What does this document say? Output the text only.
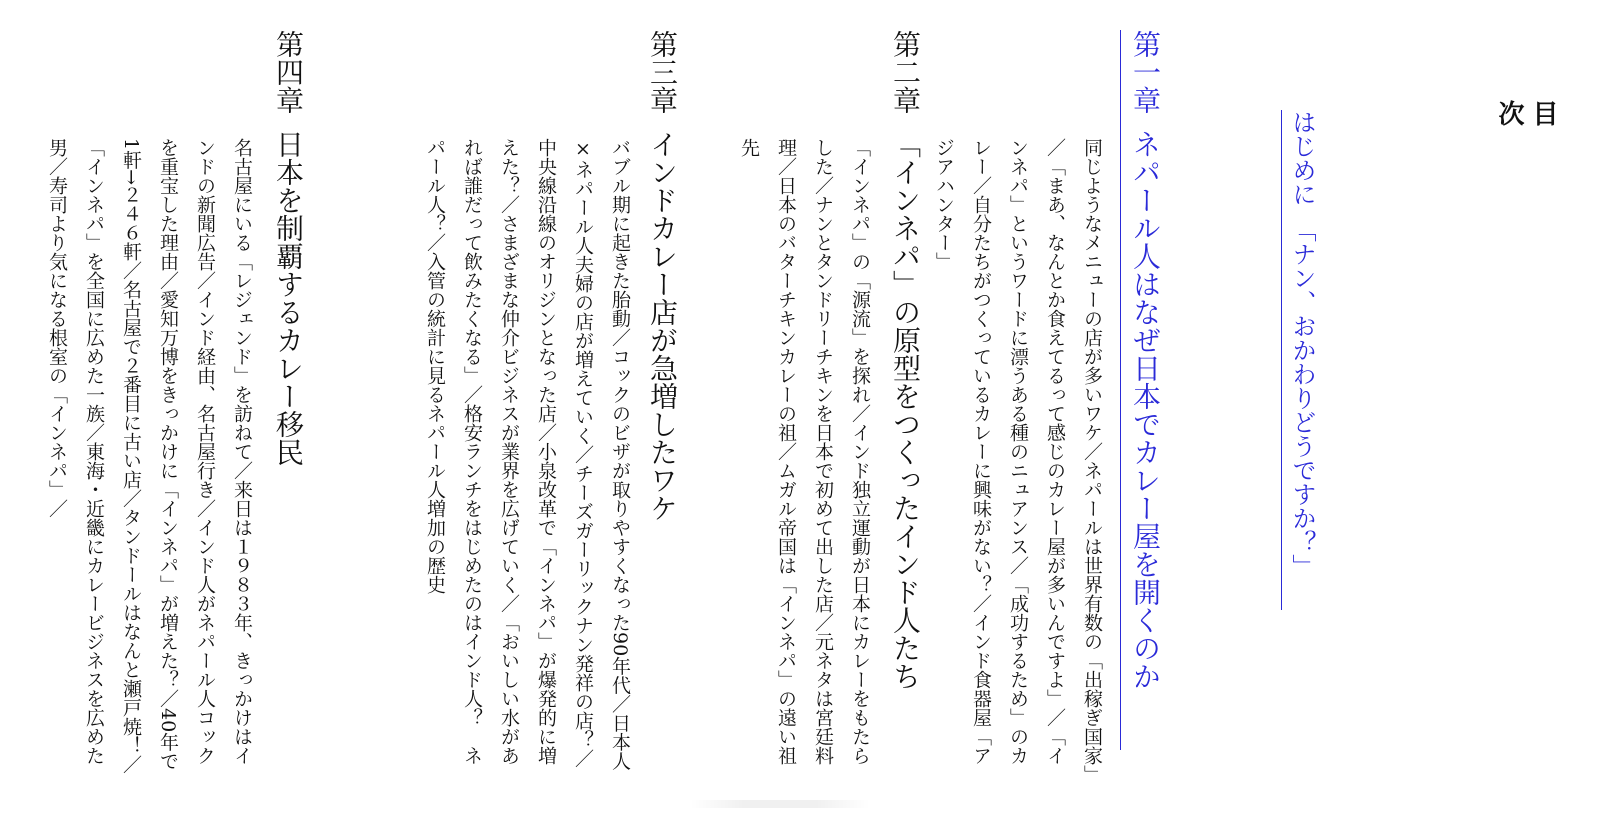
目　次
はじめに　「ナン、おかわりどうですか？」
第一章ネパール人はなぜ日本でカレー屋を開くのか

同じようなメニューの店が多いワケ／ネパールは世界有数の「出稼ぎ国家」／「まあ、なんとか食えてるって感じのカレー屋が多いんですよ」／「インネパ」というワードに漂うある種のニュアンス／「成功するため」のカレー／自分たちがつくっているカレーに興味がない？／インド食器屋「アジアハンター」

第二章「インネパ」の原型をつくったインド人たち

「インネパ」の「源流」を探れ／インド独立運動が日本にカレーをもたらした／ナンとタンドリーチキンを日本で初めて出した店／元ネタは宮廷料理／日本のバターチキンカレーの祖／ムガル帝国は「インネパ」の遠い祖先

第三章インドカレー店が急増したワケ

バブル期に起きた胎動／コックのビザが取りやすくなった90年代／日本人×ネパール人夫婦の店が増えていく／チーズガーリックナン発祥の店？／中央線沿線のオリジンとなった店／小泉改革で「インネパ」が爆発的に増えた？／さまざまな仲介ビジネスが業界を広げていく／「おいしい水があれば誰だって飲みたくなる」／格安ランチをはじめたのはインド人？　ネパール人？／入管の統計に見るネパール人増加の歴史

第四章日本を制覇するカレー移民

名古屋にいる「レジェンド」を訪ねて／来日は１９８３年、きっかけはインドの新聞広告／インド経由、名古屋行き／インド人がネパール人コックを重宝した理由／愛知万博をきっかけに「インネパ」が増えた？／40年で1軒→２４６軒／名古屋で２番目に古い店／タンドールはなんと瀬戸焼！／「インネパ」を全国に広めた一族／東海・近畿にカレービジネスを広めた男／寿司より気になる根室の「インネパ」／
